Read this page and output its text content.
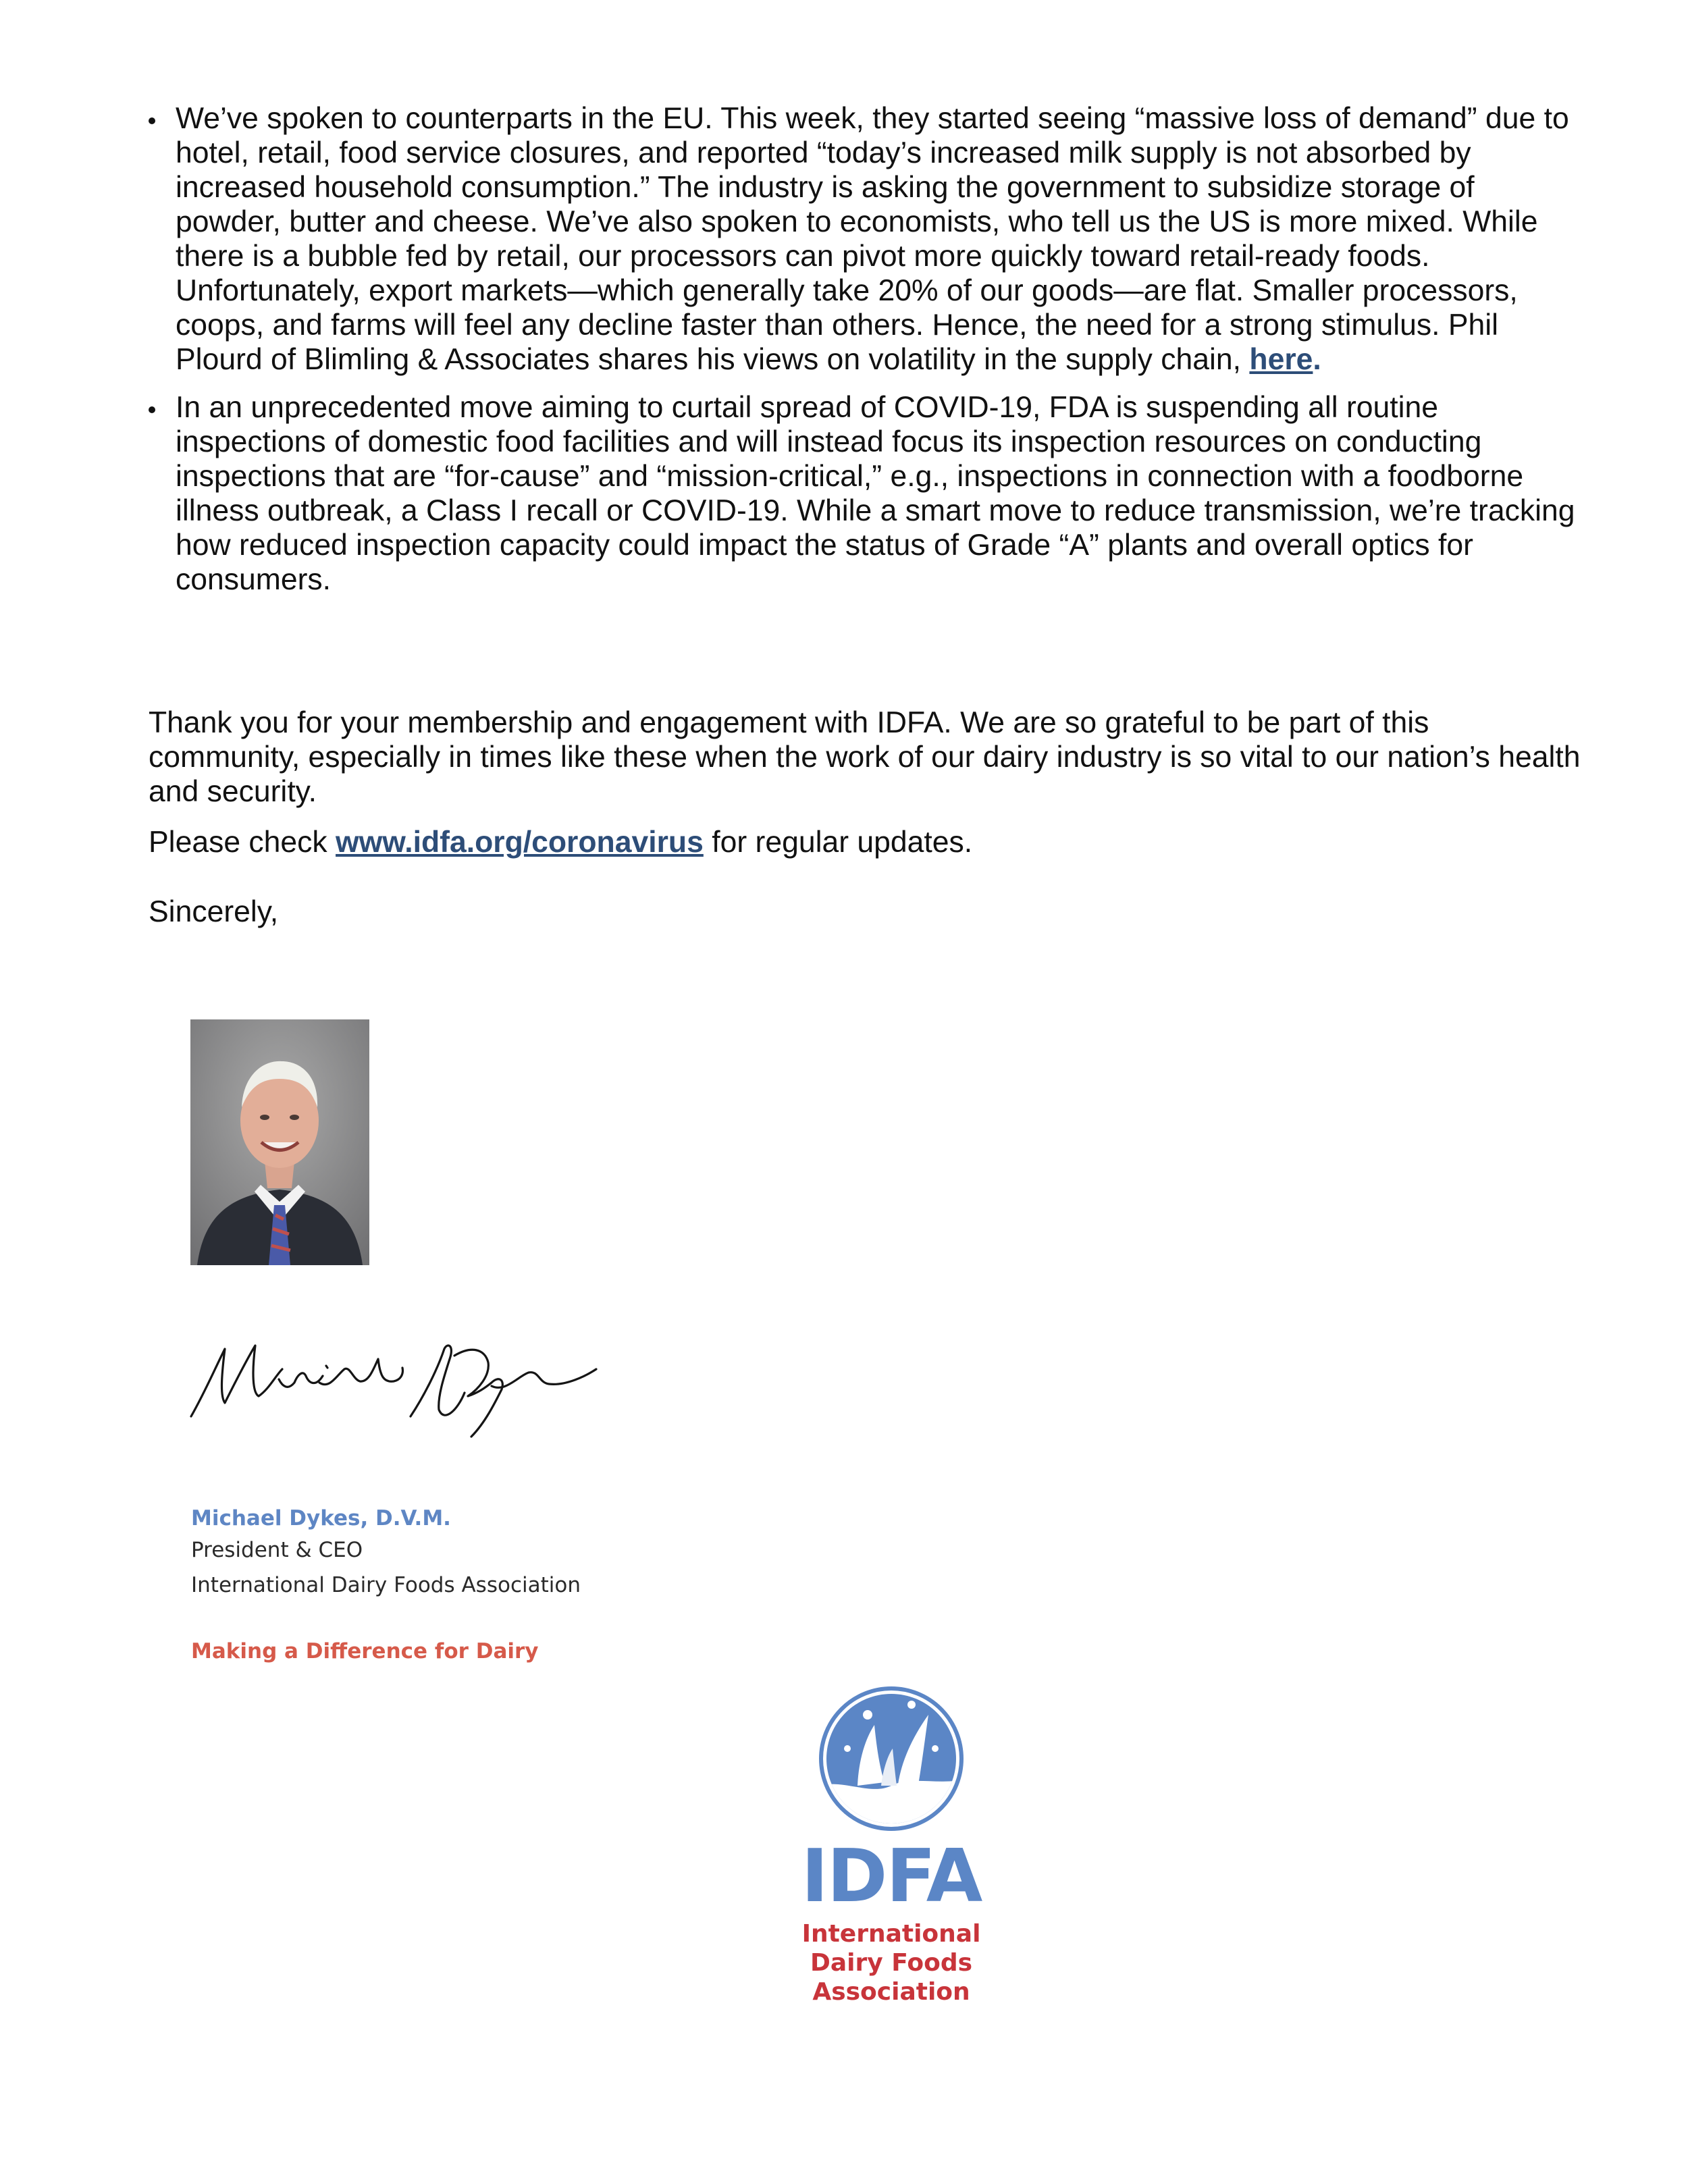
We’ve spoken to counterparts in the EU. This week, they started seeing “massive loss of demand” due to hotel, retail, food service closures, and reported “today’s increased milk supply is not absorbed by increased household consumption.” The industry is asking the government to subsidize storage of powder, butter and cheese. We’ve also spoken to economists, who tell us the US is more mixed. While there is a bubble fed by retail, our processors can pivot more quickly toward retail-ready foods. Unfortunately, export markets—which generally take 20% of our goods—are flat. Smaller processors, coops, and farms will feel any decline faster than others. Hence, the need for a strong stimulus. Phil Plourd of Blimling & Associates shares his views on volatility in the supply chain, here.
In an unprecedented move aiming to curtail spread of COVID-19, FDA is suspending all routine inspections of domestic food facilities and will instead focus its inspection resources on conducting inspections that are “for-cause” and “mission-critical,” e.g., inspections in connection with a foodborne illness outbreak, a Class I recall or COVID-19. While a smart move to reduce transmission, we’re tracking how reduced inspection capacity could impact the status of Grade “A” plants and overall optics for consumers.

Thank you for your membership and engagement with IDFA. We are so grateful to be part of this community, especially in times like these when the work of our dairy industry is so vital to our nation’s health and security.

Please check www.idfa.org/coronavirus for regular updates.

Sincerely,

Michael Dykes, D.V.M.

President & CEO

International Dairy Foods Association

Making a Difference for Dairy

IDFA
International
Dairy Foods
Association
